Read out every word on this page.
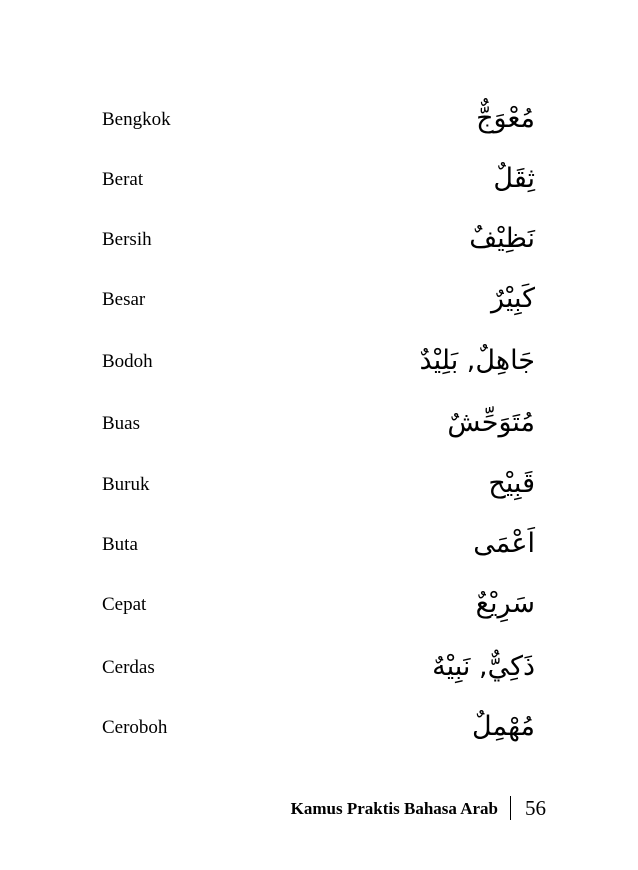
Bengkok	مُعْوَجٌّ
Berat	ثِقَلٌ
Bersih	نَظِيْفٌ
Besar	كَبِيْرٌ
Bodoh	جَاهِلٌ, بَلِيْدٌ
Buas	مُتَوَحِّشٌ
Buruk	قَبِيْح
Buta	اَعْمَى
Cepat	سَرِيْعٌ
Cerdas	ذَكِيٌّ, نَبِيْهٌ
Ceroboh	مُهْمِلٌ
Kamus Praktis Bahasa Arab 56
